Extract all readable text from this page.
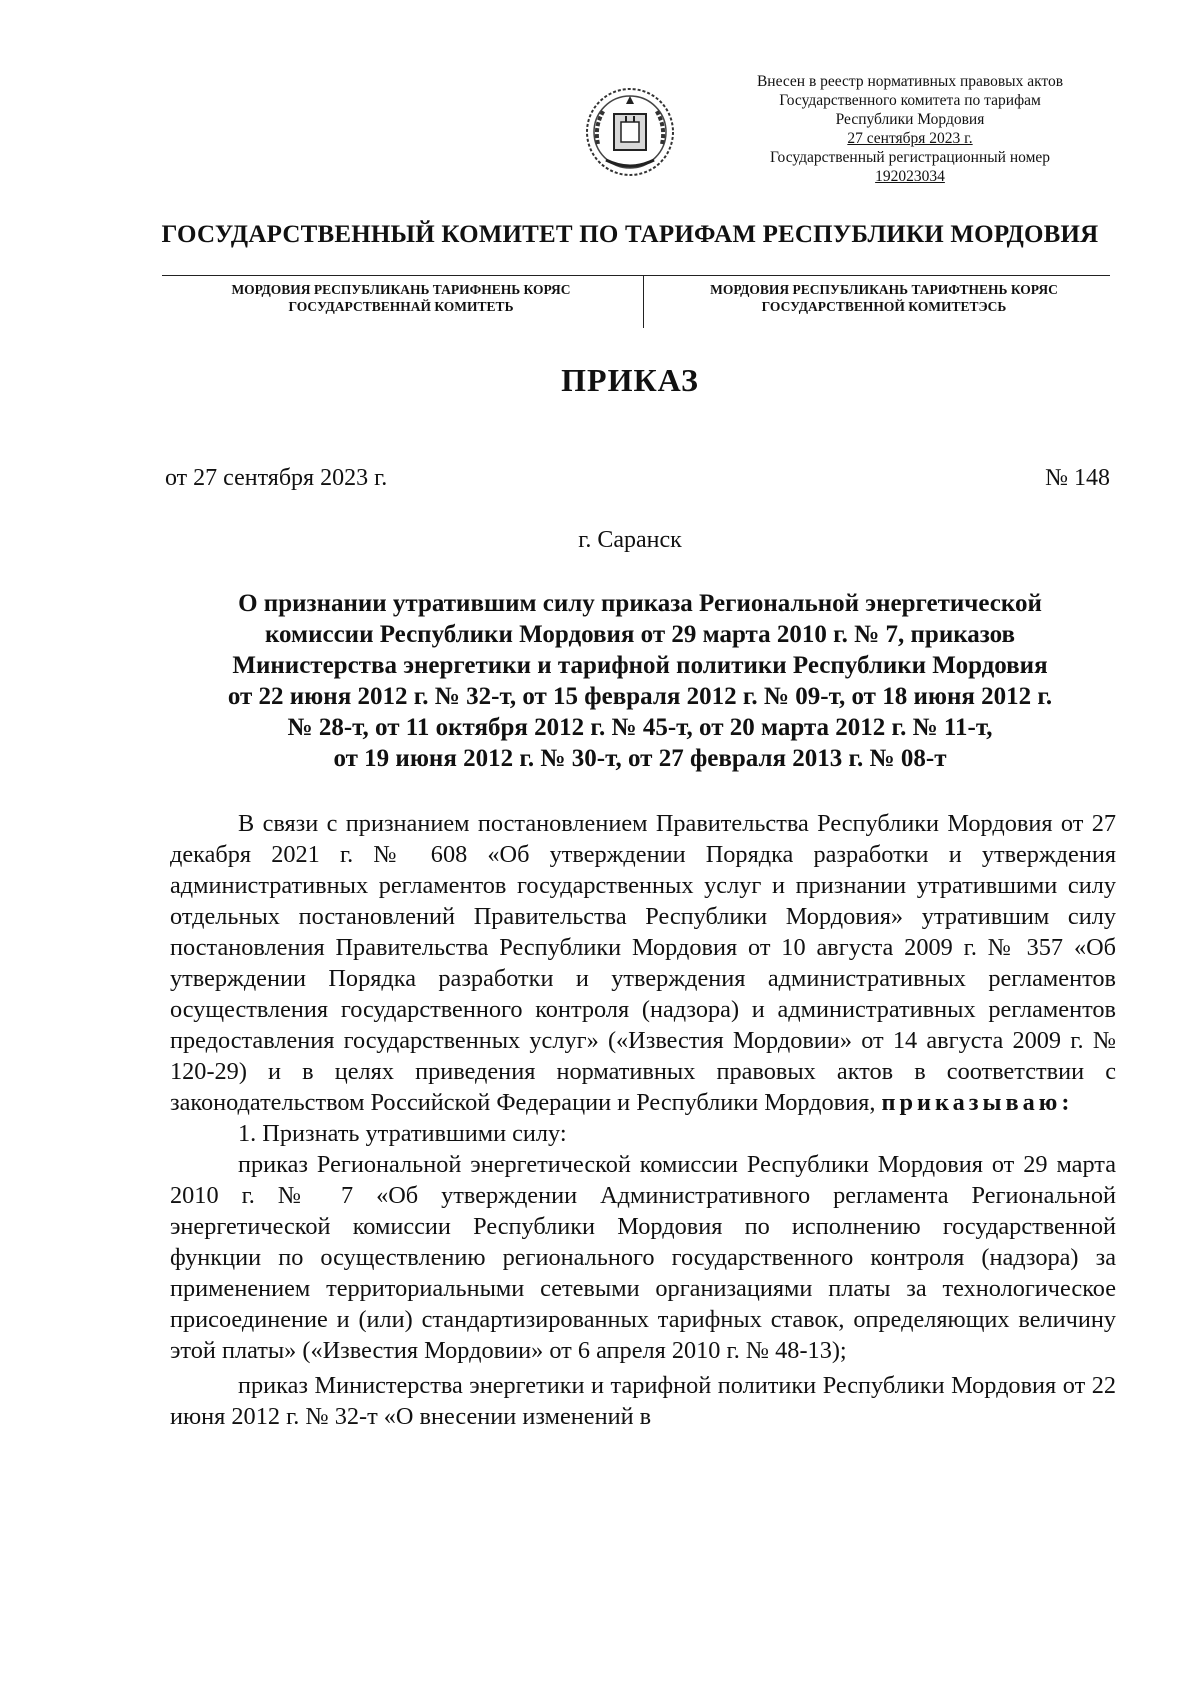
Внесен в реестр нормативных правовых актов
Государственного комитета по тарифам
Республики Мордовия
27 сентября 2023 г.
Государственный регистрационный номер
192023034
ГОСУДАРСТВЕННЫЙ КОМИТЕТ ПО ТАРИФАМ РЕСПУБЛИКИ МОРДОВИЯ
МОРДОВИЯ РЕСПУБЛИКАНЬ ТАРИФНЕНЬ КОРЯС
ГОСУДАРСТВЕННАЙ КОМИТЕТЬ
МОРДОВИЯ РЕСПУБЛИКАНЬ ТАРИФТНЕНЬ КОРЯС
ГОСУДАРСТВЕННОЙ КОМИТЕТЭСЬ
ПРИКАЗ
от 27 сентября 2023 г.	№ 148
г. Саранск
О признании утратившим силу приказа Региональной энергетической
комиссии Республики Мордовия от 29 марта 2010 г. № 7, приказов
Министерства энергетики и тарифной политики Республики Мордовия
от 22 июня 2012 г. № 32-т, от 15 февраля 2012 г. № 09-т, от 18 июня 2012 г.
№ 28-т, от 11 октября 2012 г. № 45-т, от 20 марта 2012 г. № 11-т,
от 19 июня 2012 г. № 30-т, от 27 февраля 2013 г. № 08-т

В связи с признанием постановлением Правительства Республики Мордовия от 27 декабря 2021 г. № 608 «Об утверждении Порядка разработки и утверждения административных регламентов государственных услуг и признании утратившими силу отдельных постановлений Правительства Республики Мордовия» утратившим силу постановления Правительства Республики Мордовия от 10 августа 2009 г. № 357 «Об утверждении Порядка разработки и утверждения административных регламентов осуществления государственного контроля (надзора) и административных регламентов предоставления государственных услуг» («Известия Мордовии» от 14 августа 2009 г. № 120-29) и в целях приведения нормативных правовых актов в соответствии с законодательством Российской Федерации и Республики Мордовия, приказываю:

1. Признать утратившими силу:

приказ Региональной энергетической комиссии Республики Мордовия от 29 марта 2010 г. № 7 «Об утверждении Административного регламента Региональной энергетической комиссии Республики Мордовия по исполнению государственной функции по осуществлению регионального государственного контроля (надзора) за применением территориальными сетевыми организациями платы за технологическое присоединение и (или) стандартизированных тарифных ставок, определяющих величину этой платы» («Известия Мордовии» от 6 апреля 2010 г. № 48-13);

приказ Министерства энергетики и тарифной политики Республики Мордовия от 22 июня 2012 г. № 32-т «О внесении изменений в
